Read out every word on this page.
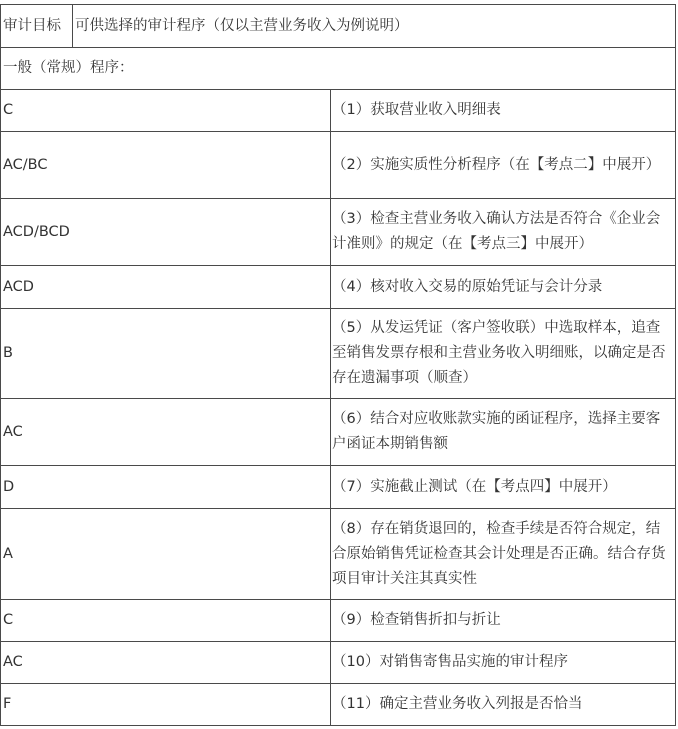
审计目标	可供选择的审计程序（仅以主营业务收入为例说明）	
一般（常规）程序：		
C		（1）获取营业收入明细表
AC/BC		（2）实施实质性分析程序（在【考点二】中展开）
ACD/BCD		（3）检查主营业务收入确认方法是否符合《企业会计准则》的规定（在【考点三】中展开）
ACD		（4）核对收入交易的原始凭证与会计分录
B		（5）从发运凭证（客户签收联）中选取样本，追查至销售发票存根和主营业务收入明细账，以确定是否存在遗漏事项（顺查）
AC		（6）结合对应收账款实施的函证程序，选择主要客户函证本期销售额
D		（7）实施截止测试（在【考点四】中展开）
A		（8）存在销货退回的，检查手续是否符合规定，结合原始销售凭证检查其会计处理是否正确。结合存货项目审计关注其真实性
C		（9）检查销售折扣与折让
AC		（10）对销售寄售品实施的审计程序
F		（11）确定主营业务收入列报是否恰当
